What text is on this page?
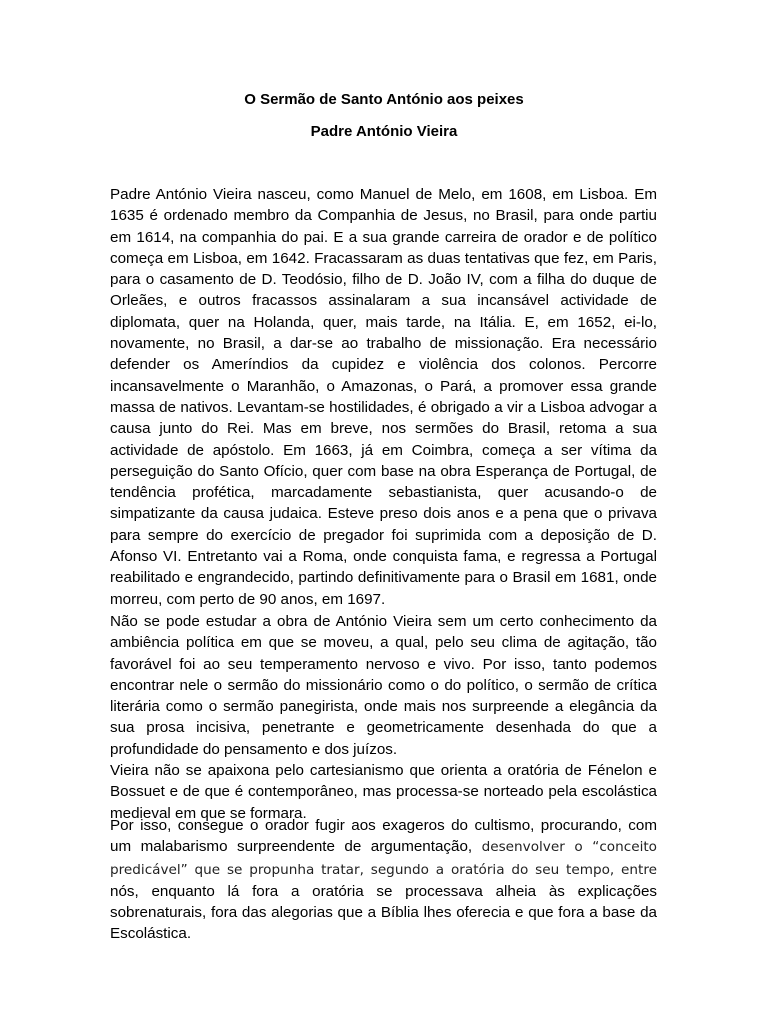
O Sermão de Santo António aos peixes
Padre António Vieira

Padre António Vieira nasceu, como Manuel de Melo, em 1608, em Lisboa. Em 1635 é ordenado membro da Companhia de Jesus, no Brasil, para onde partiu em 1614, na companhia do pai. E a sua grande carreira de orador e de político começa em Lisboa, em 1642. Fracassaram as duas tentativas que fez, em Paris, para o casamento de D. Teodósio, filho de D. João IV, com a filha do duque de Orleães, e outros fracassos assinalaram a sua incansável actividade de diplomata, quer na Holanda, quer, mais tarde, na Itália. E, em 1652, ei-lo, novamente, no Brasil, a dar-se ao trabalho de missionação. Era necessário defender os Ameríndios da cupidez e violência dos colonos. Percorre incansavelmente o Maranhão, o Amazonas, o Pará, a promover essa grande massa de nativos. Levantam-se hostilidades, é obrigado a vir a Lisboa advogar a causa junto do Rei. Mas em breve, nos sermões do Brasil, retoma a sua actividade de apóstolo. Em 1663, já em Coimbra, começa a ser vítima da perseguição do Santo Ofício, quer com base na obra Esperança de Portugal, de tendência profética, marcadamente sebastianista, quer acusando-o de simpatizante da causa judaica. Esteve preso dois anos e a pena que o privava para sempre do exercício de pregador foi suprimida com a deposição de D. Afonso VI. Entretanto vai a Roma, onde conquista fama, e regressa a Portugal reabilitado e engrandecido, partindo definitivamente para o Brasil em 1681, onde morreu, com perto de 90 anos, em 1697.

Não se pode estudar a obra de António Vieira sem um certo conhecimento da ambiência política em que se moveu, a qual, pelo seu clima de agitação, tão favorável foi ao seu temperamento nervoso e vivo. Por isso, tanto podemos encontrar nele o sermão do missionário como o do político, o sermão de crítica literária como o sermão panegirista, onde mais nos surpreende a elegância da sua prosa incisiva, penetrante e geometricamente desenhada do que a profundidade do pensamento e dos juízos.

Vieira não se apaixona pelo cartesianismo que orienta a oratória de Fénelon e Bossuet e de que é contemporâneo, mas processa-se norteado pela escolástica medieval em que se formara.

Por isso, consegue o orador fugir aos exageros do cultismo, procurando, com um malabarismo surpreendente de argumentação, desenvolver o “conceito predicável” que se propunha tratar, segundo a oratória do seu tempo, entre nós, enquanto lá fora a oratória se processava alheia às explicações sobrenaturais, fora das alegorias que a Bíblia lhes oferecia e que fora a base da Escolástica.
